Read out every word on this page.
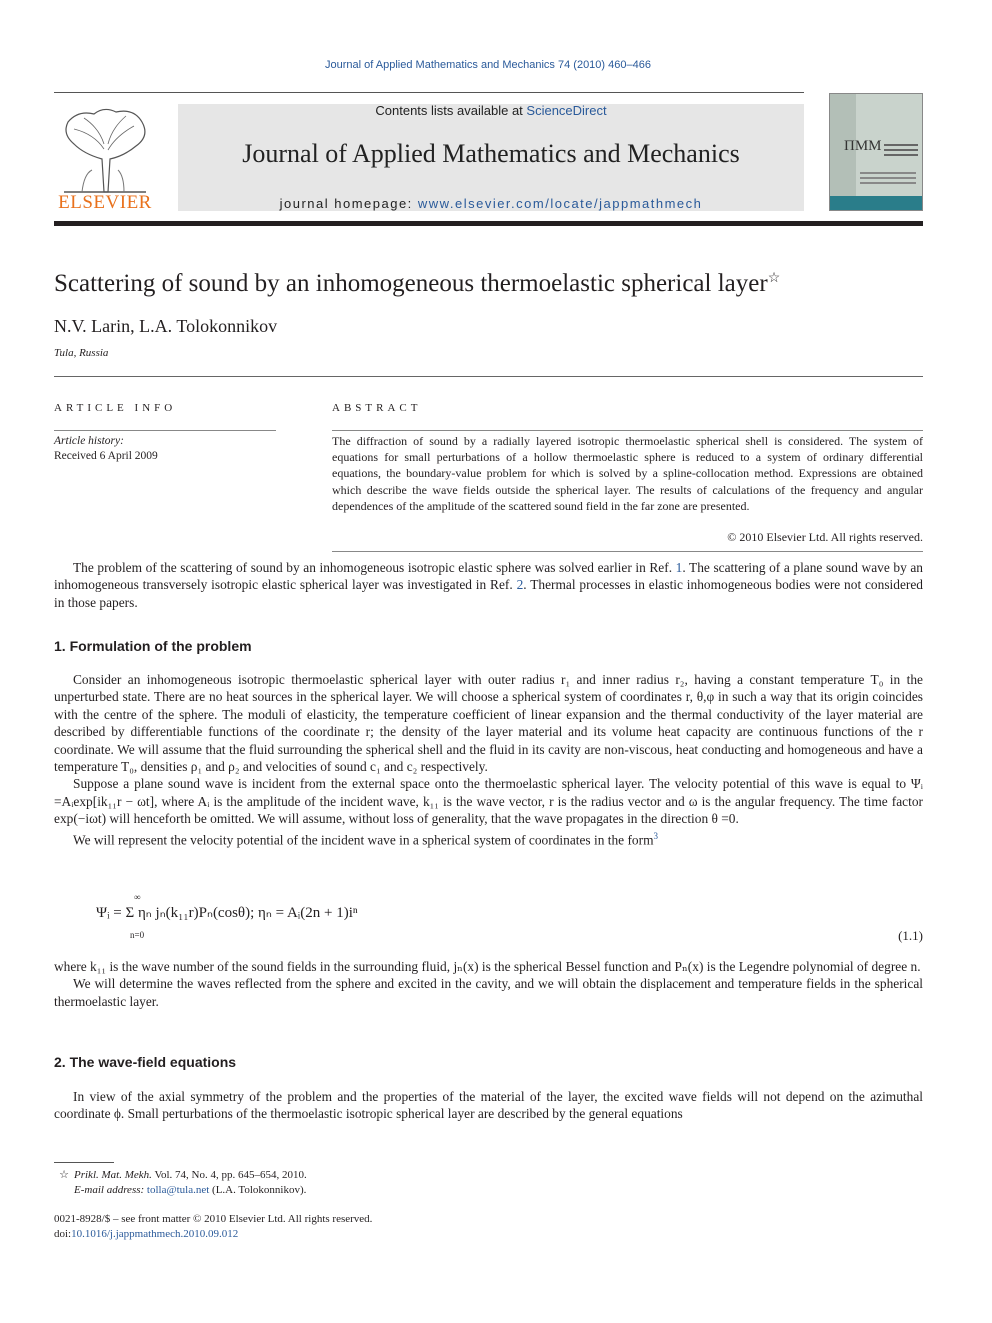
Journal of Applied Mathematics and Mechanics 74 (2010) 460–466
ELSEVIER
Contents lists available at ScienceDirect
Journal of Applied Mathematics and Mechanics
journal homepage: www.elsevier.com/locate/jappmathmech
ПММ
Scattering of sound by an inhomogeneous thermoelastic spherical layer☆
N.V. Larin, L.A. Tolokonnikov
Tula, Russia
ARTICLE INFO
Article history:
Received 6 April 2009
ABSTRACT
The diffraction of sound by a radially layered isotropic thermoelastic spherical shell is considered. The system of equations for small perturbations of a hollow thermoelastic sphere is reduced to a system of ordinary differential equations, the boundary-value problem for which is solved by a spline-collocation method. Expressions are obtained which describe the wave fields outside the spherical layer. The results of calculations of the frequency and angular dependences of the amplitude of the scattered sound field in the far zone are presented.
© 2010 Elsevier Ltd. All rights reserved.

The problem of the scattering of sound by an inhomogeneous isotropic elastic sphere was solved earlier in Ref. 1. The scattering of a plane sound wave by an inhomogeneous transversely isotropic elastic spherical layer was investigated in Ref. 2. Thermal processes in elastic inhomogeneous bodies were not considered in those papers.

1. Formulation of the problem

Consider an inhomogeneous isotropic thermoelastic spherical layer with outer radius r₁ and inner radius r₂, having a constant temperature T₀ in the unperturbed state. There are no heat sources in the spherical layer. We will choose a spherical system of coordinates r, θ,φ in such a way that its origin coincides with the centre of the sphere. The moduli of elasticity, the temperature coefficient of linear expansion and the thermal conductivity of the layer material are described by differentiable functions of the coordinate r; the density of the layer material and its volume heat capacity are continuous functions of the r coordinate. We will assume that the fluid surrounding the spherical shell and the fluid in its cavity are non-viscous, heat conducting and homogeneous and have a temperature T₀, densities ρ₁ and ρ₂ and velocities of sound c₁ and c₂ respectively.

Suppose a plane sound wave is incident from the external space onto the thermoelastic spherical layer. The velocity potential of this wave is equal to Ψᵢ =Aᵢexp[ik₁₁r − ωt], where Aᵢ is the amplitude of the incident wave, k₁₁ is the wave vector, r is the radius vector and ω is the angular frequency. The time factor exp(−iωt) will henceforth be omitted. We will assume, without loss of generality, that the wave propagates in the direction θ =0.

We will represent the velocity potential of the incident wave in a spherical system of coordinates in the form$^3$

Ψᵢ = Σ ηₙ jₙ(k₁₁r)Pₙ(cosθ); ηₙ = Aᵢ(2n + 1)iⁿ
∞
n=0	(1.1)

where k₁₁ is the wave number of the sound fields in the surrounding fluid, jₙ(x) is the spherical Bessel function and Pₙ(x) is the Legendre polynomial of degree n.

We will determine the waves reflected from the sphere and excited in the cavity, and we will obtain the displacement and temperature fields in the spherical thermoelastic layer.

2. The wave-field equations

In view of the axial symmetry of the problem and the properties of the material of the layer, the excited wave fields will not depend on the azimuthal coordinate ϕ. Small perturbations of the thermoelastic isotropic spherical layer are described by the general equations

☆ Prikl. Mat. Mekh. Vol. 74, No. 4, pp. 645–654, 2010.
E-mail address: tolla@tula.net (L.A. Tolokonnikov).
0021-8928/$ – see front matter © 2010 Elsevier Ltd. All rights reserved.
doi:10.1016/j.jappmathmech.2010.09.012
